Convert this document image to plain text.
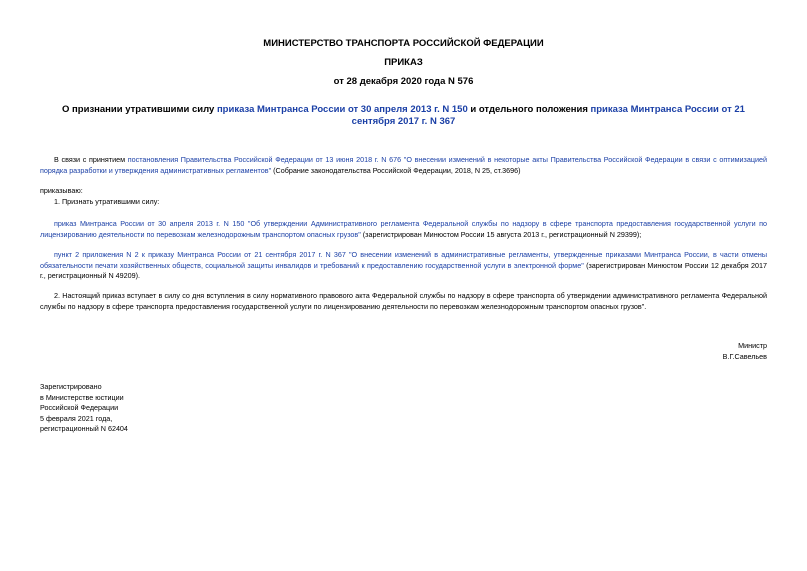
МИНИСТЕРСТВО ТРАНСПОРТА РОССИЙСКОЙ ФЕДЕРАЦИИ
ПРИКАЗ
от 28 декабря 2020 года N 576
О признании утратившими силу приказа Минтранса России от 30 апреля 2013 г. N 150 и отдельного положения приказа Минтранса России от 21 сентября 2017 г. N 367
В связи с принятием постановления Правительства Российской Федерации от 13 июня 2018 г. N 676 "О внесении изменений в некоторые акты Правительства Российской Федерации в связи с оптимизацией порядка разработки и утверждения административных регламентов" (Собрание законодательства Российской Федерации, 2018, N 25, ст.3696)
приказываю:
1. Признать утратившими силу:
приказ Минтранса России от 30 апреля 2013 г. N 150 "Об утверждении Административного регламента Федеральной службы по надзору в сфере транспорта предоставления государственной услуги по лицензированию деятельности по перевозкам железнодорожным транспортом опасных грузов" (зарегистрирован Минюстом России 15 августа 2013 г., регистрационный N 29399);
пункт 2 приложения N 2 к приказу Минтранса России от 21 сентября 2017 г. N 367 "О внесении изменений в административные регламенты, утвержденные приказами Минтранса России, в части отмены обязательности печати хозяйственных обществ, социальной защиты инвалидов и требований к предоставлению государственной услуги в электронной форме" (зарегистрирован Минюстом России 12 декабря 2017 г., регистрационный N 49209).
2. Настоящий приказ вступает в силу со дня вступления в силу нормативного правового акта Федеральной службы по надзору в сфере транспорта об утверждении административного регламента Федеральной службы по надзору в сфере транспорта предоставления государственной услуги по лицензированию деятельности по перевозкам железнодорожным транспортом опасных грузов".
Министр
В.Г.Савельев
Зарегистрировано
в Министерстве юстиции
Российской Федерации
5 февраля 2021 года,
регистрационный N 62404
